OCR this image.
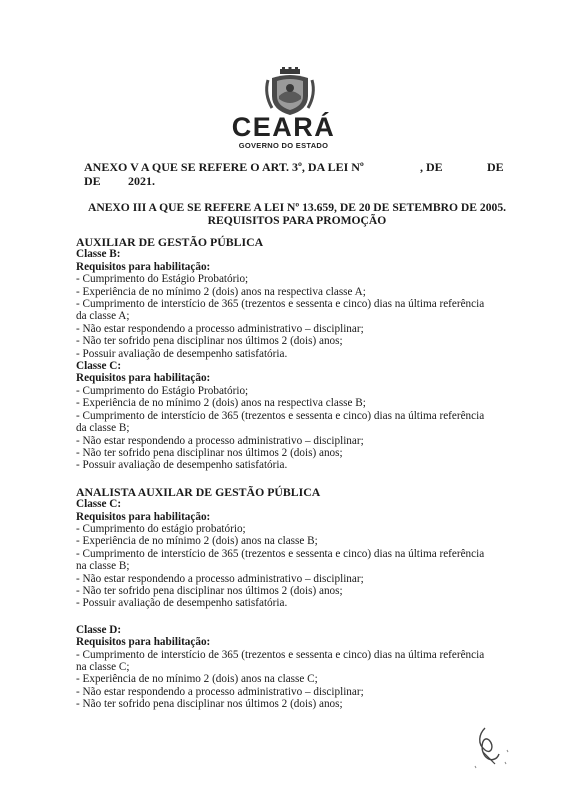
CEARÁ
GOVERNO DO ESTADO
ANEXO V A QUE SE REFERE O ART. 3º, DA LEI Nº	, DE	DE
DE 2021.
ANEXO III A QUE SE REFERE A LEI Nº 13.659, DE 20 DE SETEMBRO DE 2005.
REQUISITOS PARA PROMOÇÃO
AUXILIAR DE GESTÃO PÚBLICA
Classe B:
Requisitos para habilitação:
- Cumprimento do Estágio Probatório;
- Experiência de no mínimo 2 (dois) anos na respectiva classe A;
- Cumprimento de interstício de 365 (trezentos e sessenta e cinco) dias na última referência
da classe A;
- Não estar respondendo a processo administrativo – disciplinar;
- Não ter sofrido pena disciplinar nos últimos 2 (dois) anos;
- Possuir avaliação de desempenho satisfatória.
Classe C:
Requisitos para habilitação:
- Cumprimento do Estágio Probatório;
- Experiência de no mínimo 2 (dois) anos na respectiva classe B;
- Cumprimento de interstício de 365 (trezentos e sessenta e cinco) dias na última referência
da classe B;
- Não estar respondendo a processo administrativo – disciplinar;
- Não ter sofrido pena disciplinar nos últimos 2 (dois) anos;
- Possuir avaliação de desempenho satisfatória.
ANALISTA AUXILAR DE GESTÃO PÚBLICA
Classe C:
Requisitos para habilitação:
- Cumprimento do estágio probatório;
- Experiência de no mínimo 2 (dois) anos na classe B;
- Cumprimento de interstício de 365 (trezentos e sessenta e cinco) dias na última referência
na classe B;
- Não estar respondendo a processo administrativo – disciplinar;
- Não ter sofrido pena disciplinar nos últimos 2 (dois) anos;
- Possuir avaliação de desempenho satisfatória.
Classe D:
Requisitos para habilitação:
- Cumprimento de interstício de 365 (trezentos e sessenta e cinco) dias na última referência
na classe C;
- Experiência de no mínimo 2 (dois) anos na classe C;
- Não estar respondendo a processo administrativo – disciplinar;
- Não ter sofrido pena disciplinar nos últimos 2 (dois) anos;
